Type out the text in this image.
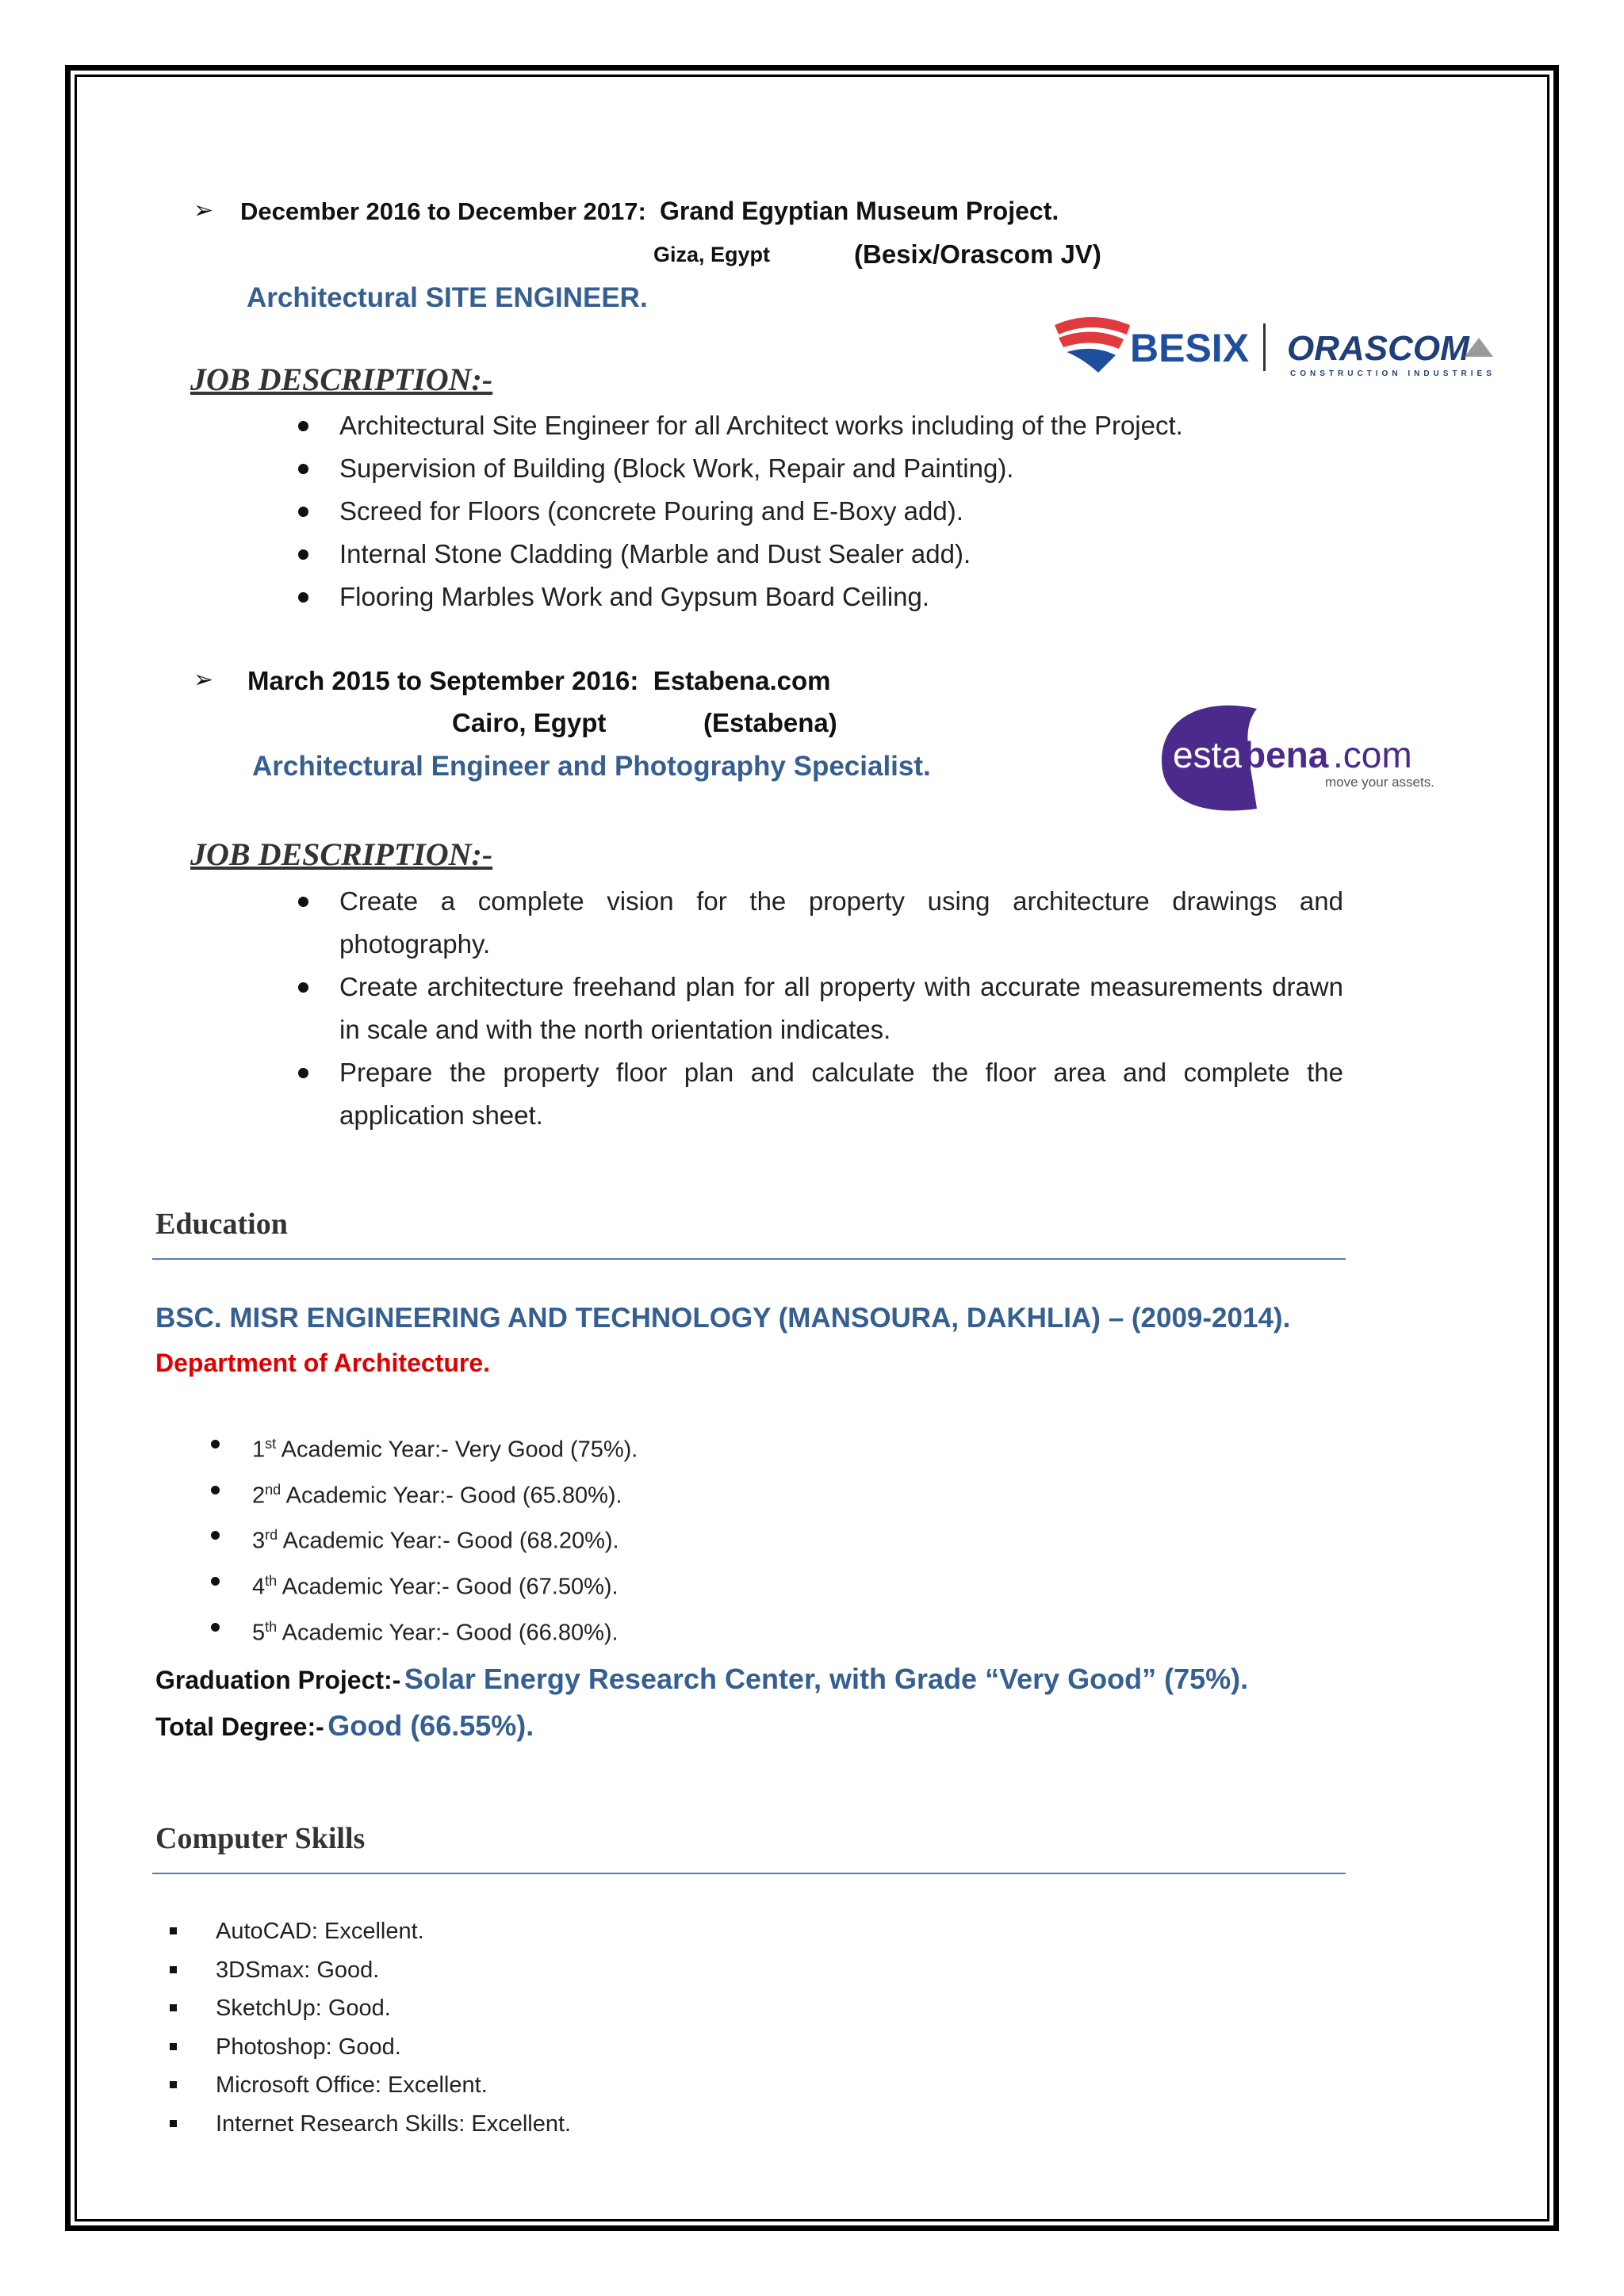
➢ December 2016 to December 2017: Grand Egyptian Museum Project.
Giza, Egypt	(Besix/Orascom JV)
Architectural SITE ENGINEER.
BESIX ORASCOM
CONSTRUCTION INDUSTRIES
JOB DESCRIPTION:-
Architectural Site Engineer for all Architect works including of the Project.
Supervision of Building (Block Work, Repair and Painting).
Screed for Floors (concrete Pouring and E-Boxy add).
Internal Stone Cladding (Marble and Dust Sealer add).
Flooring Marbles Work and Gypsum Board Ceiling.
➢ March 2015 to September 2016: Estabena.com
Cairo, Egypt	(Estabena)
Architectural Engineer and Photography Specialist.	esta bena .com
move your assets.
JOB DESCRIPTION:-
Create a complete vision for the property using architecture drawings and photography.
Create architecture freehand plan for all property with accurate measurements drawn in scale and with the north orientation indicates.
Prepare the property floor plan and calculate the floor area and complete the application sheet.
Education
BSC. MISR ENGINEERING AND TECHNOLOGY (MANSOURA, DAKHLIA) – (2009-2014).
Department of Architecture.
1st Academic Year:- Very Good (75%).
2nd Academic Year:- Good (65.80%).
3rd Academic Year:- Good (68.20%).
4th Academic Year:- Good (67.50%).
5th Academic Year:- Good (66.80%).
Graduation Project:- Solar Energy Research Center, with Grade “Very Good” (75%).
Total Degree:- Good (66.55%).
Computer Skills
AutoCAD: Excellent.
3DSmax: Good.
SketchUp: Good.
Photoshop: Good.
Microsoft Office: Excellent.
Internet Research Skills: Excellent.
